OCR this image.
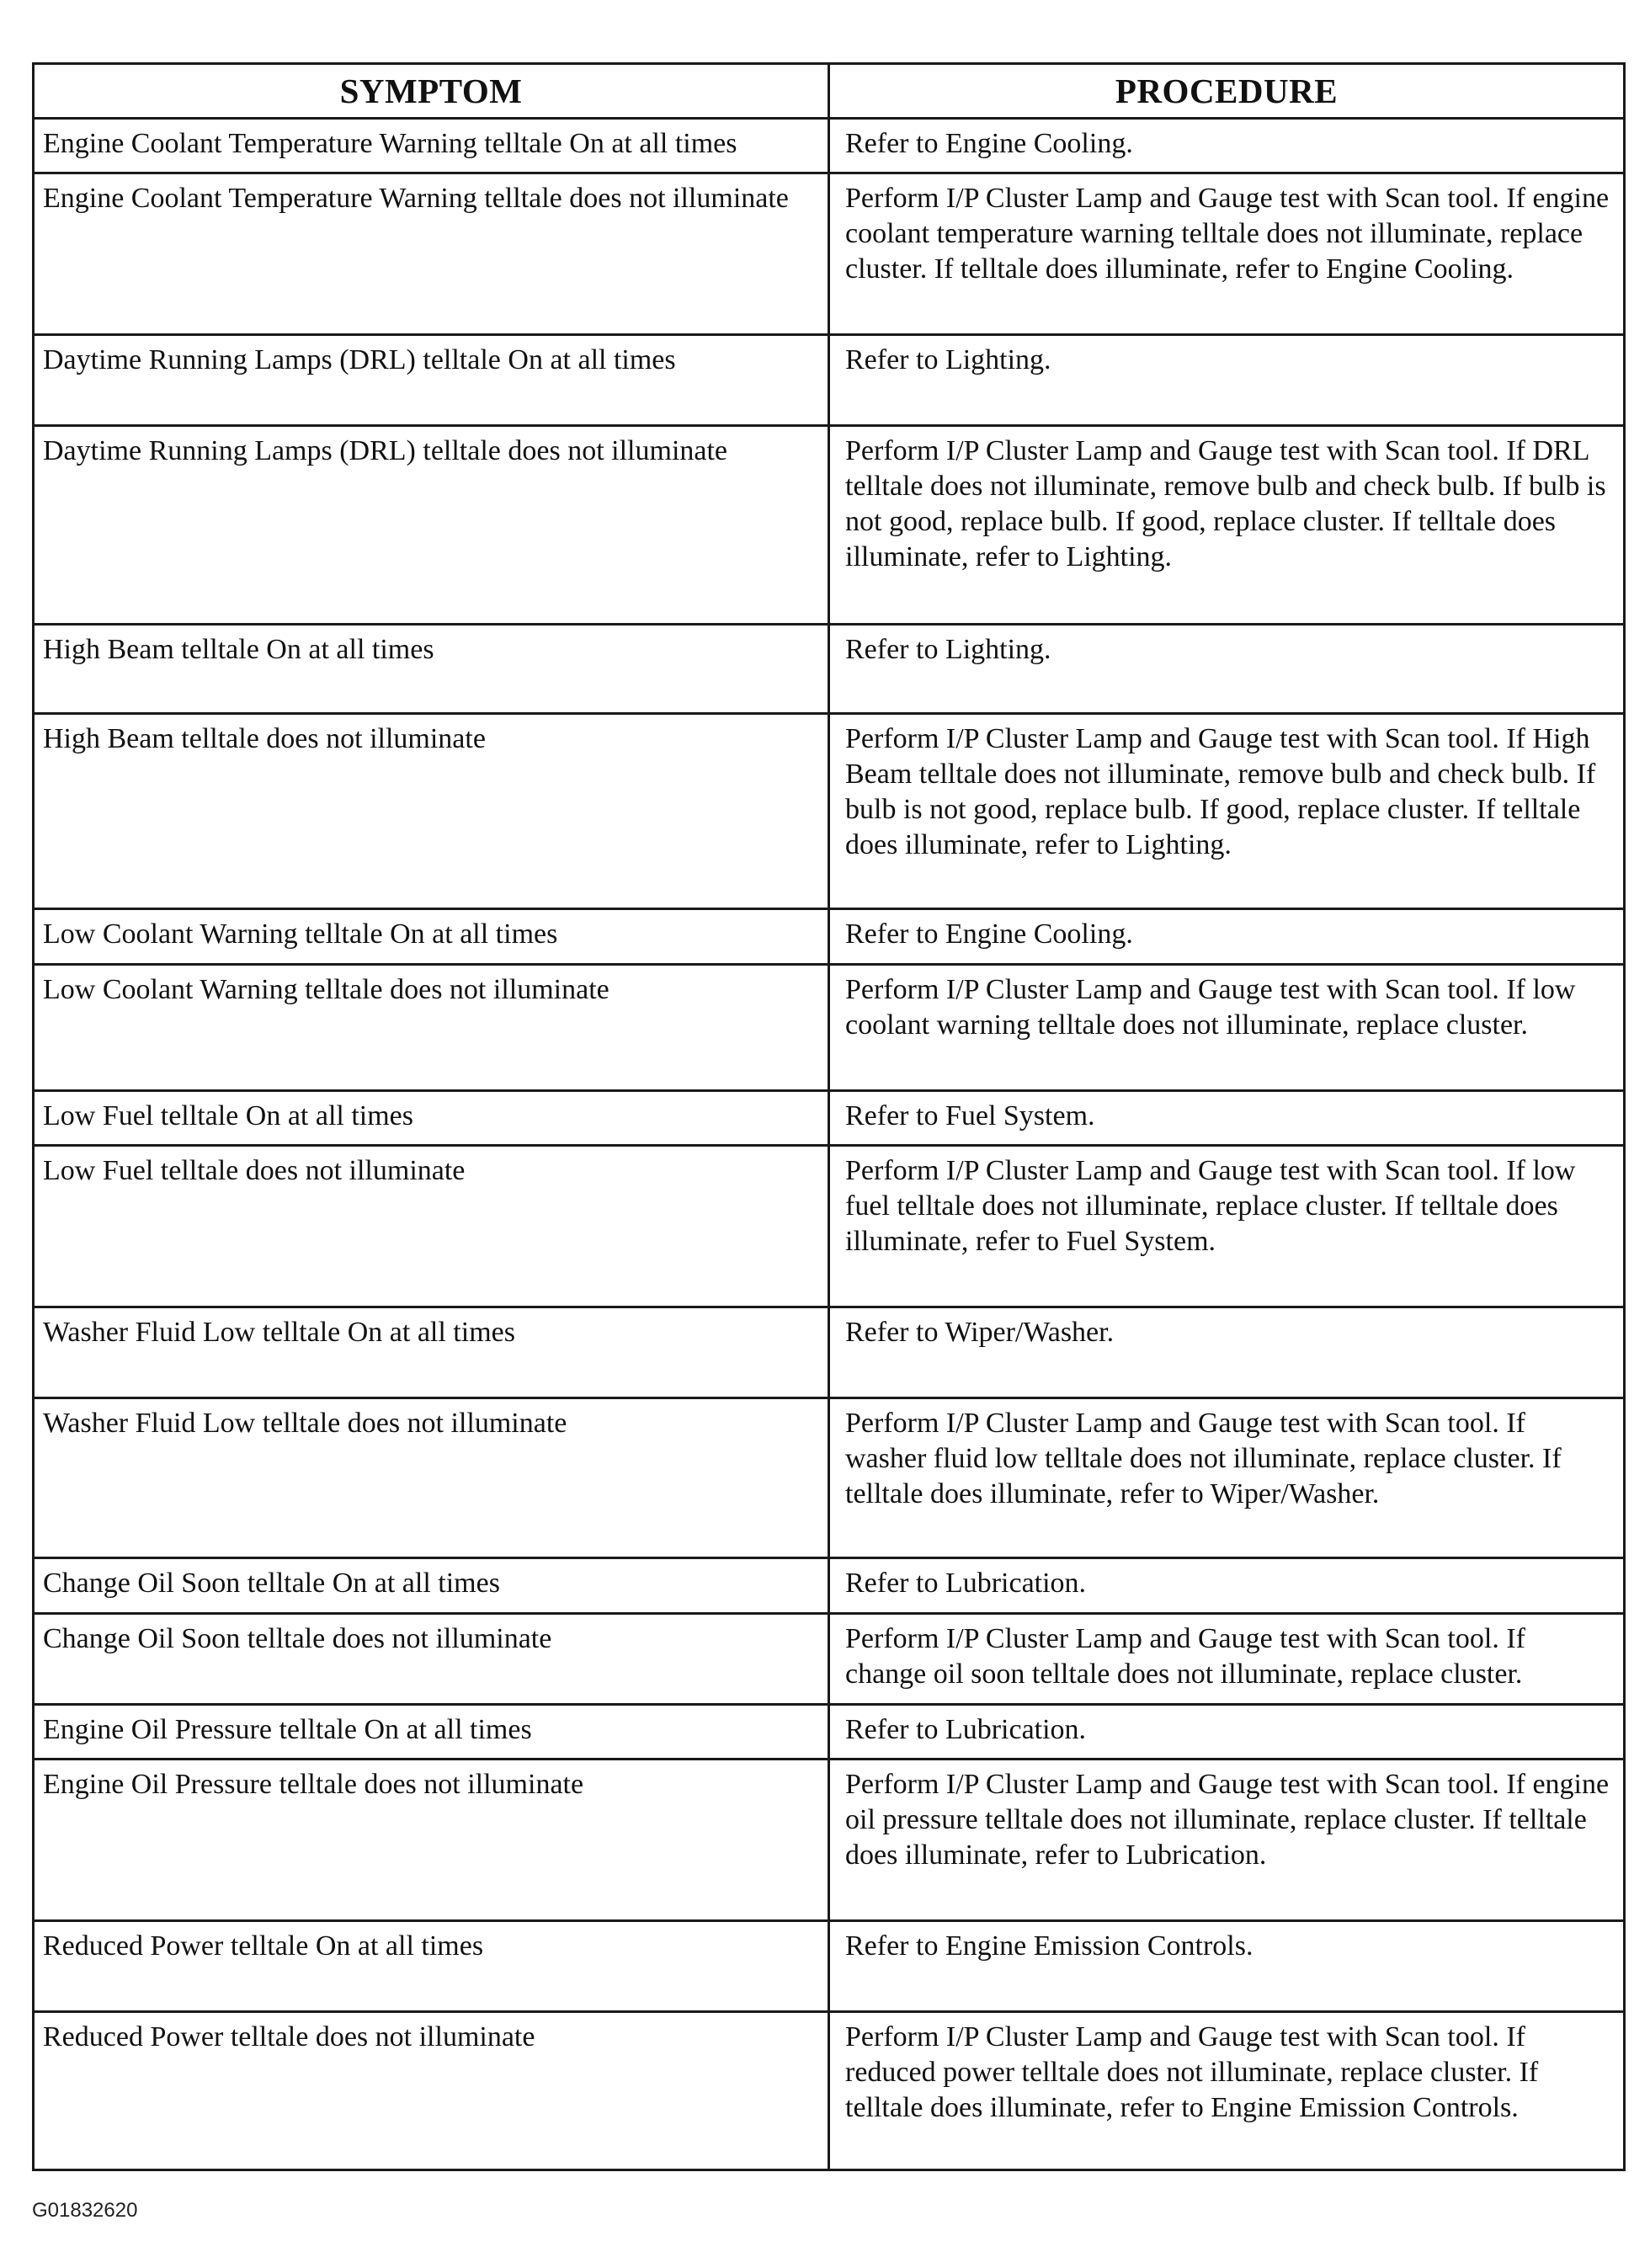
SYMPTOM	PROCEDURE
Engine Coolant Temperature Warning telltale On at all times	Refer to Engine Cooling.
Engine Coolant Temperature Warning telltale does not illuminate	Perform I/P Cluster Lamp and Gauge test with Scan tool. If engine coolant temperature warning telltale does not illuminate, replace cluster. If telltale does illuminate, refer to Engine Cooling.
Daytime Running Lamps (DRL) telltale On at all times	Refer to Lighting.
Daytime Running Lamps (DRL) telltale does not illuminate	Perform I/P Cluster Lamp and Gauge test with Scan tool. If DRL telltale does not illuminate, remove bulb and check bulb. If bulb is not good, replace bulb. If good, replace cluster. If telltale does illuminate, refer to Lighting.
High Beam telltale On at all times	Refer to Lighting.
High Beam telltale does not illuminate	Perform I/P Cluster Lamp and Gauge test with Scan tool. If High Beam telltale does not illuminate, remove bulb and check bulb. If bulb is not good, replace bulb. If good, replace cluster. If telltale does illuminate, refer to Lighting.
Low Coolant Warning telltale On at all times	Refer to Engine Cooling.
Low Coolant Warning telltale does not illuminate	Perform I/P Cluster Lamp and Gauge test with Scan tool. If low coolant warning telltale does not illuminate, replace cluster.
Low Fuel telltale On at all times	Refer to Fuel System.
Low Fuel telltale does not illuminate	Perform I/P Cluster Lamp and Gauge test with Scan tool. If low fuel telltale does not illuminate, replace cluster. If telltale does illuminate, refer to Fuel System.
Washer Fluid Low telltale On at all times	Refer to Wiper/Washer.
Washer Fluid Low telltale does not illuminate	Perform I/P Cluster Lamp and Gauge test with Scan tool. If washer fluid low telltale does not illuminate, replace cluster. If telltale does illuminate, refer to Wiper/Washer.
Change Oil Soon telltale On at all times	Refer to Lubrication.
Change Oil Soon telltale does not illuminate	Perform I/P Cluster Lamp and Gauge test with Scan tool. If change oil soon telltale does not illuminate, replace cluster.
Engine Oil Pressure telltale On at all times	Refer to Lubrication.
Engine Oil Pressure telltale does not illuminate	Perform I/P Cluster Lamp and Gauge test with Scan tool. If engine oil pressure telltale does not illuminate, replace cluster. If telltale does illuminate, refer to Lubrication.
Reduced Power telltale On at all times	Refer to Engine Emission Controls.
Reduced Power telltale does not illuminate	Perform I/P Cluster Lamp and Gauge test with Scan tool. If reduced power telltale does not illuminate, replace cluster. If telltale does illuminate, refer to Engine Emission Controls.
G01832620
